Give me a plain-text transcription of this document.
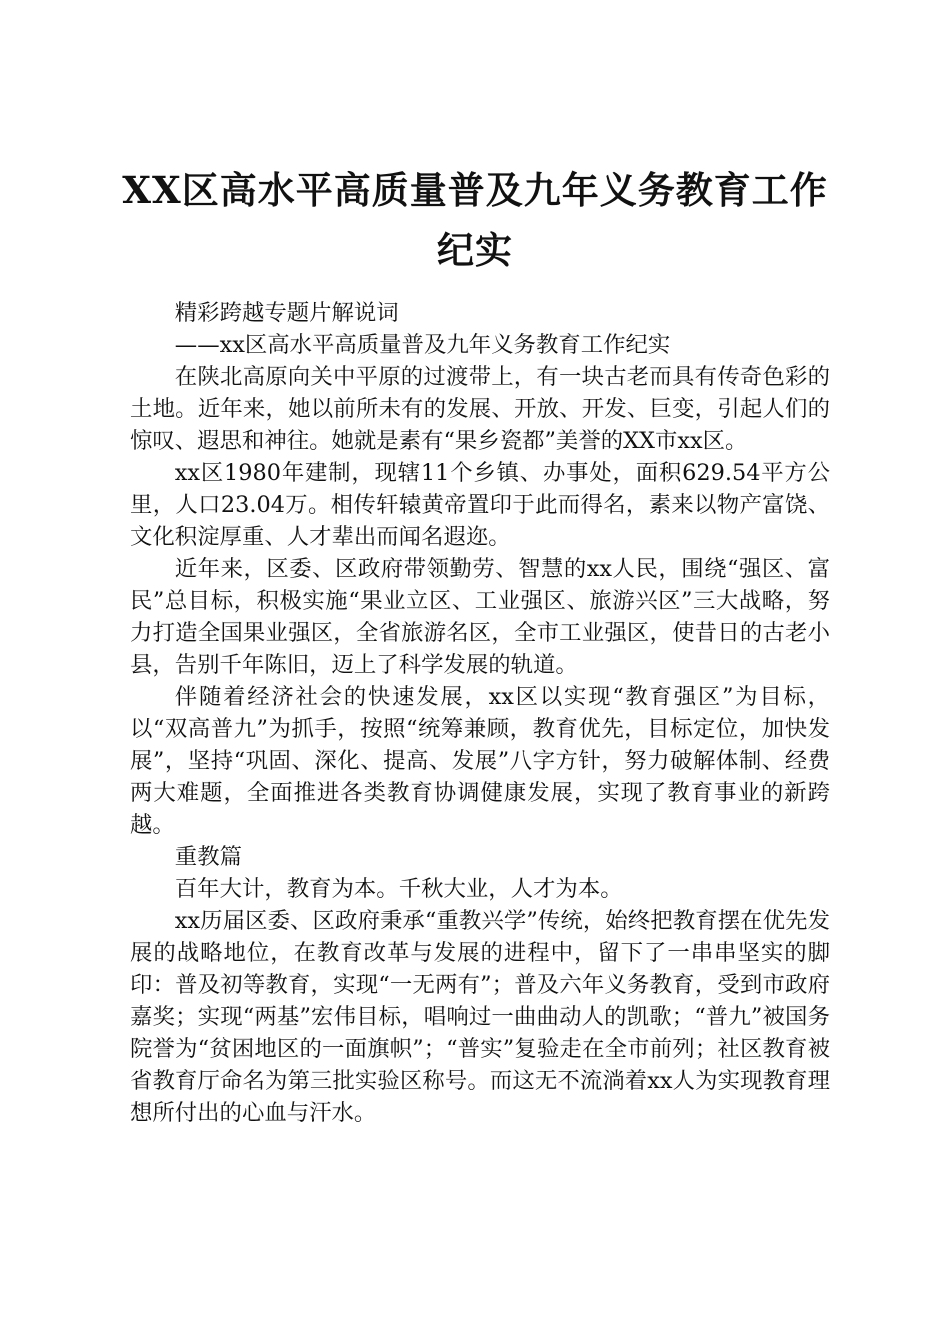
XX区高水平高质量普及九年义务教育工作纪实

精彩跨越专题片解说词

——xx区高水平高质量普及九年义务教育工作纪实

在陕北高原向关中平原的过渡带上，有一块古老而具有传奇色彩的土地。近年来，她以前所未有的发展、开放、开发、巨变，引起人们的惊叹、遐思和神往。她就是素有“果乡瓷都”美誉的XX市xx区。

xx区1980年建制，现辖11个乡镇、办事处，面积629.54平方公里，人口23.04万。相传轩辕黄帝置印于此而得名，素来以物产富饶、文化积淀厚重、人才辈出而闻名遐迩。

近年来，区委、区政府带领勤劳、智慧的xx人民，围绕“强区、富民”总目标，积极实施“果业立区、工业强区、旅游兴区”三大战略，努力打造全国果业强区，全省旅游名区，全市工业强区，使昔日的古老小县，告别千年陈旧，迈上了科学发展的轨道。

伴随着经济社会的快速发展，xx区以实现“教育强区”为目标，以“双高普九”为抓手，按照“统筹兼顾，教育优先，目标定位，加快发展”，坚持“巩固、深化、提高、发展”八字方针，努力破解体制、经费两大难题，全面推进各类教育协调健康发展，实现了教育事业的新跨越。

重教篇

百年大计，教育为本。千秋大业，人才为本。

xx历届区委、区政府秉承“重教兴学”传统，始终把教育摆在优先发展的战略地位，在教育改革与发展的进程中，留下了一串串坚实的脚印：普及初等教育，实现“一无两有”；普及六年义务教育，受到市政府嘉奖；实现“两基”宏伟目标，唱响过一曲曲动人的凯歌；“普九”被国务院誉为“贫困地区的一面旗帜”；“普实”复验走在全市前列；社区教育被省教育厅命名为第三批实验区称号。而这无不流淌着xx人为实现教育理想所付出的心血与汗水。
